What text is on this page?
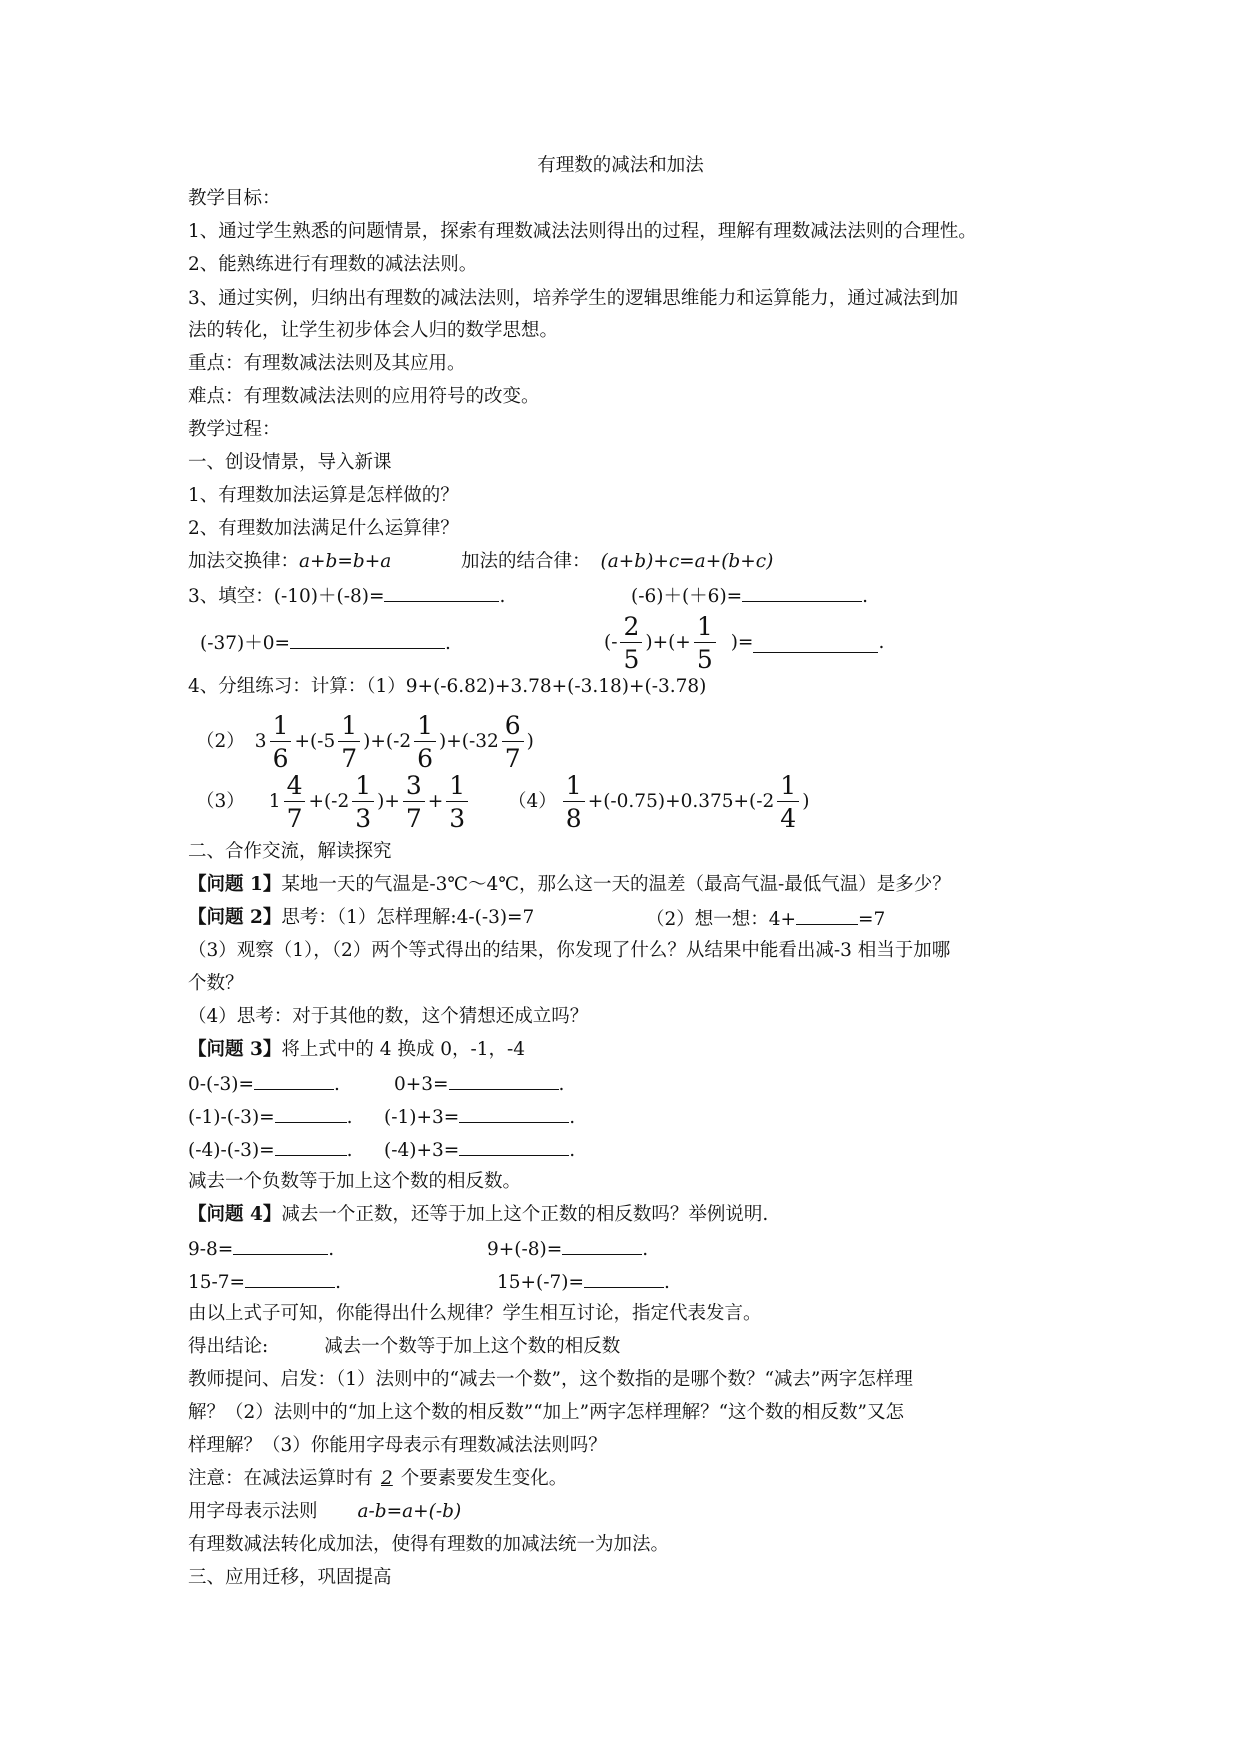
有理数的减法和加法
教学目标：
1、通过学生熟悉的问题情景，探索有理数减法法则得出的过程，理解有理数减法法则的合理性。
2、能熟练进行有理数的减法法则。
3、通过实例，归纳出有理数的减法法则，培养学生的逻辑思维能力和运算能力，通过减法到加
法的转化，让学生初步体会人归的数学思想。
重点：有理数减法法则及其应用。
难点：有理数减法法则的应用符号的改变。
教学过程：
一、创设情景，导入新课
1、有理数加法运算是怎样做的？
2、有理数加法满足什么运算律？
加法交换律：a+b=b+a	加法的结合律： (a+b)+c=a+(b+c)
3、填空：(-10)＋(-8)=	.	(-6)＋(＋6)=	.
(-37)＋0=	.	(- $\frac{2}{5}$ )+(+ $\frac{1}{5}$ )=	.
4、分组练习：计算：（1）9+(-6.82)+3.78+(-3.18)+(-3.78)
（2） $3 \frac{1}{6}$ +(- $5 \frac{1}{7}$ )+(- $2 \frac{1}{6}$ )+(- $32 \frac{6}{7}$ )
（3） $1 \frac{4}{7}$ +(- $2 \frac{1}{3}$ ) + $\frac{3}{7} + \frac{1}{3} (4) \frac{1}{8} +(-0.75)+0.375+(-2 \frac{1}{4}$ )
二、合作交流，解读探究
【问题 1】某地一天的气温是-3℃～4℃，那么这一天的温差（最高气温-最低气温）是多少？
【问题 2】思考：（1）怎样理解:4-(-3)=7	（2）想一想：4+	=7
（3）观察（1），（2）两个等式得出的结果，你发现了什么？从结果中能看出减-3 相当于加哪
个数？
（4）思考：对于其他的数，这个猜想还成立吗？
【问题 3】将上式中的 4 换成 0，-1，-4
0-(-3)=	.	0+3=	.
(-1)-(-3)=	. (-1)+3=	.
(-4)-(-3)=	. (-4)+3=	.
减去一个负数等于加上这个数的相反数。
【问题 4】减去一个正数，还等于加上这个正数的相反数吗？举例说明.
9-8=	.	9+(-8)=	.
15-7=	.	15+(-7)=	.
由以上式子可知，你能得出什么规律？学生相互讨论，指定代表发言。
得出结论:	减去一个数等于加上这个数的相反数
教师提问、启发：（1）法则中的“减去一个数”，这个数指的是哪个数？“减去”两字怎样理
解？（2）法则中的“加上这个数的相反数”“加上”两字怎样理解？“这个数的相反数”又怎
样理解？（3）你能用字母表示有理数减法法则吗？
注意：在减法运算时有 2 个要素要发生变化。
用字母表示法则 a-b=a+(-b)
有理数减法转化成加法，使得有理数的加减法统一为加法。
三、应用迁移，巩固提高
